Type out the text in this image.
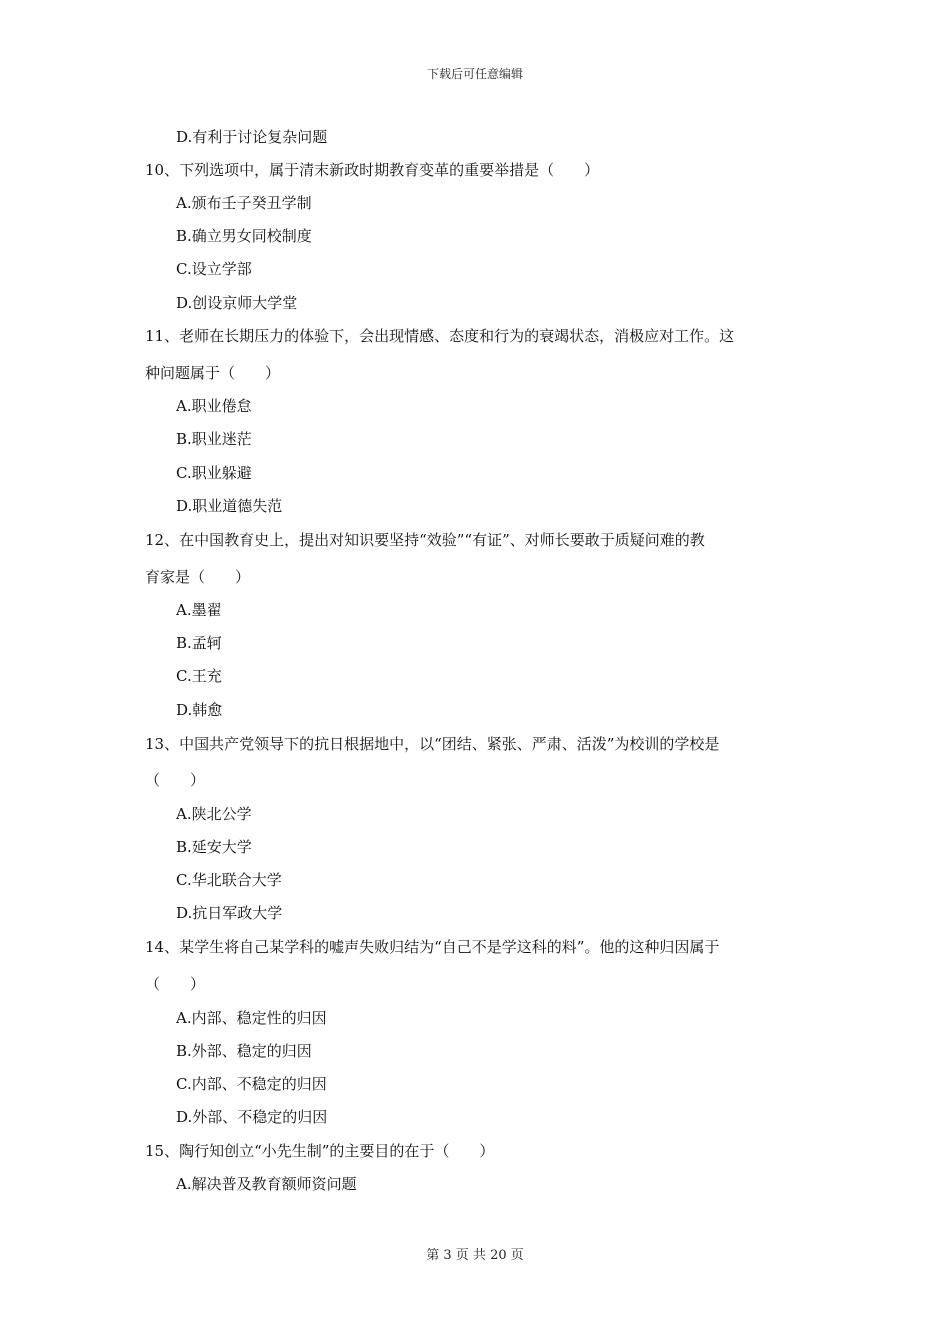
下载后可任意编辑
D.有利于讨论复杂问题
10、下列选项中，属于清末新政时期教育变革的重要举措是（　　）
A.颁布壬子癸丑学制
B.确立男女同校制度
C.设立学部
D.创设京师大学堂
11、老师在长期压力的体验下，会出现情感、态度和行为的衰竭状态，消极应对工作。这
种问题属于（　　）
A.职业倦怠
B.职业迷茫
C.职业躲避
D.职业道德失范
12、在中国教育史上，提出对知识要坚持“效验”“有证”、对师长要敢于质疑问难的教
育家是（　　）
A.墨翟
B.孟轲
C.王充
D.韩愈
13、中国共产党领导下的抗日根据地中，以“团结、紧张、严肃、活泼”为校训的学校是
（　　）
A.陕北公学
B.延安大学
C.华北联合大学
D.抗日军政大学
14、某学生将自己某学科的嘘声失败归结为“自己不是学这科的料”。他的这种归因属于
（　　）
A.内部、稳定性的归因
B.外部、稳定的归因
C.内部、不稳定的归因
D.外部、不稳定的归因
15、陶行知创立“小先生制”的主要目的在于（　　）
A.解决普及教育额师资问题
第 3 页 共 20 页
